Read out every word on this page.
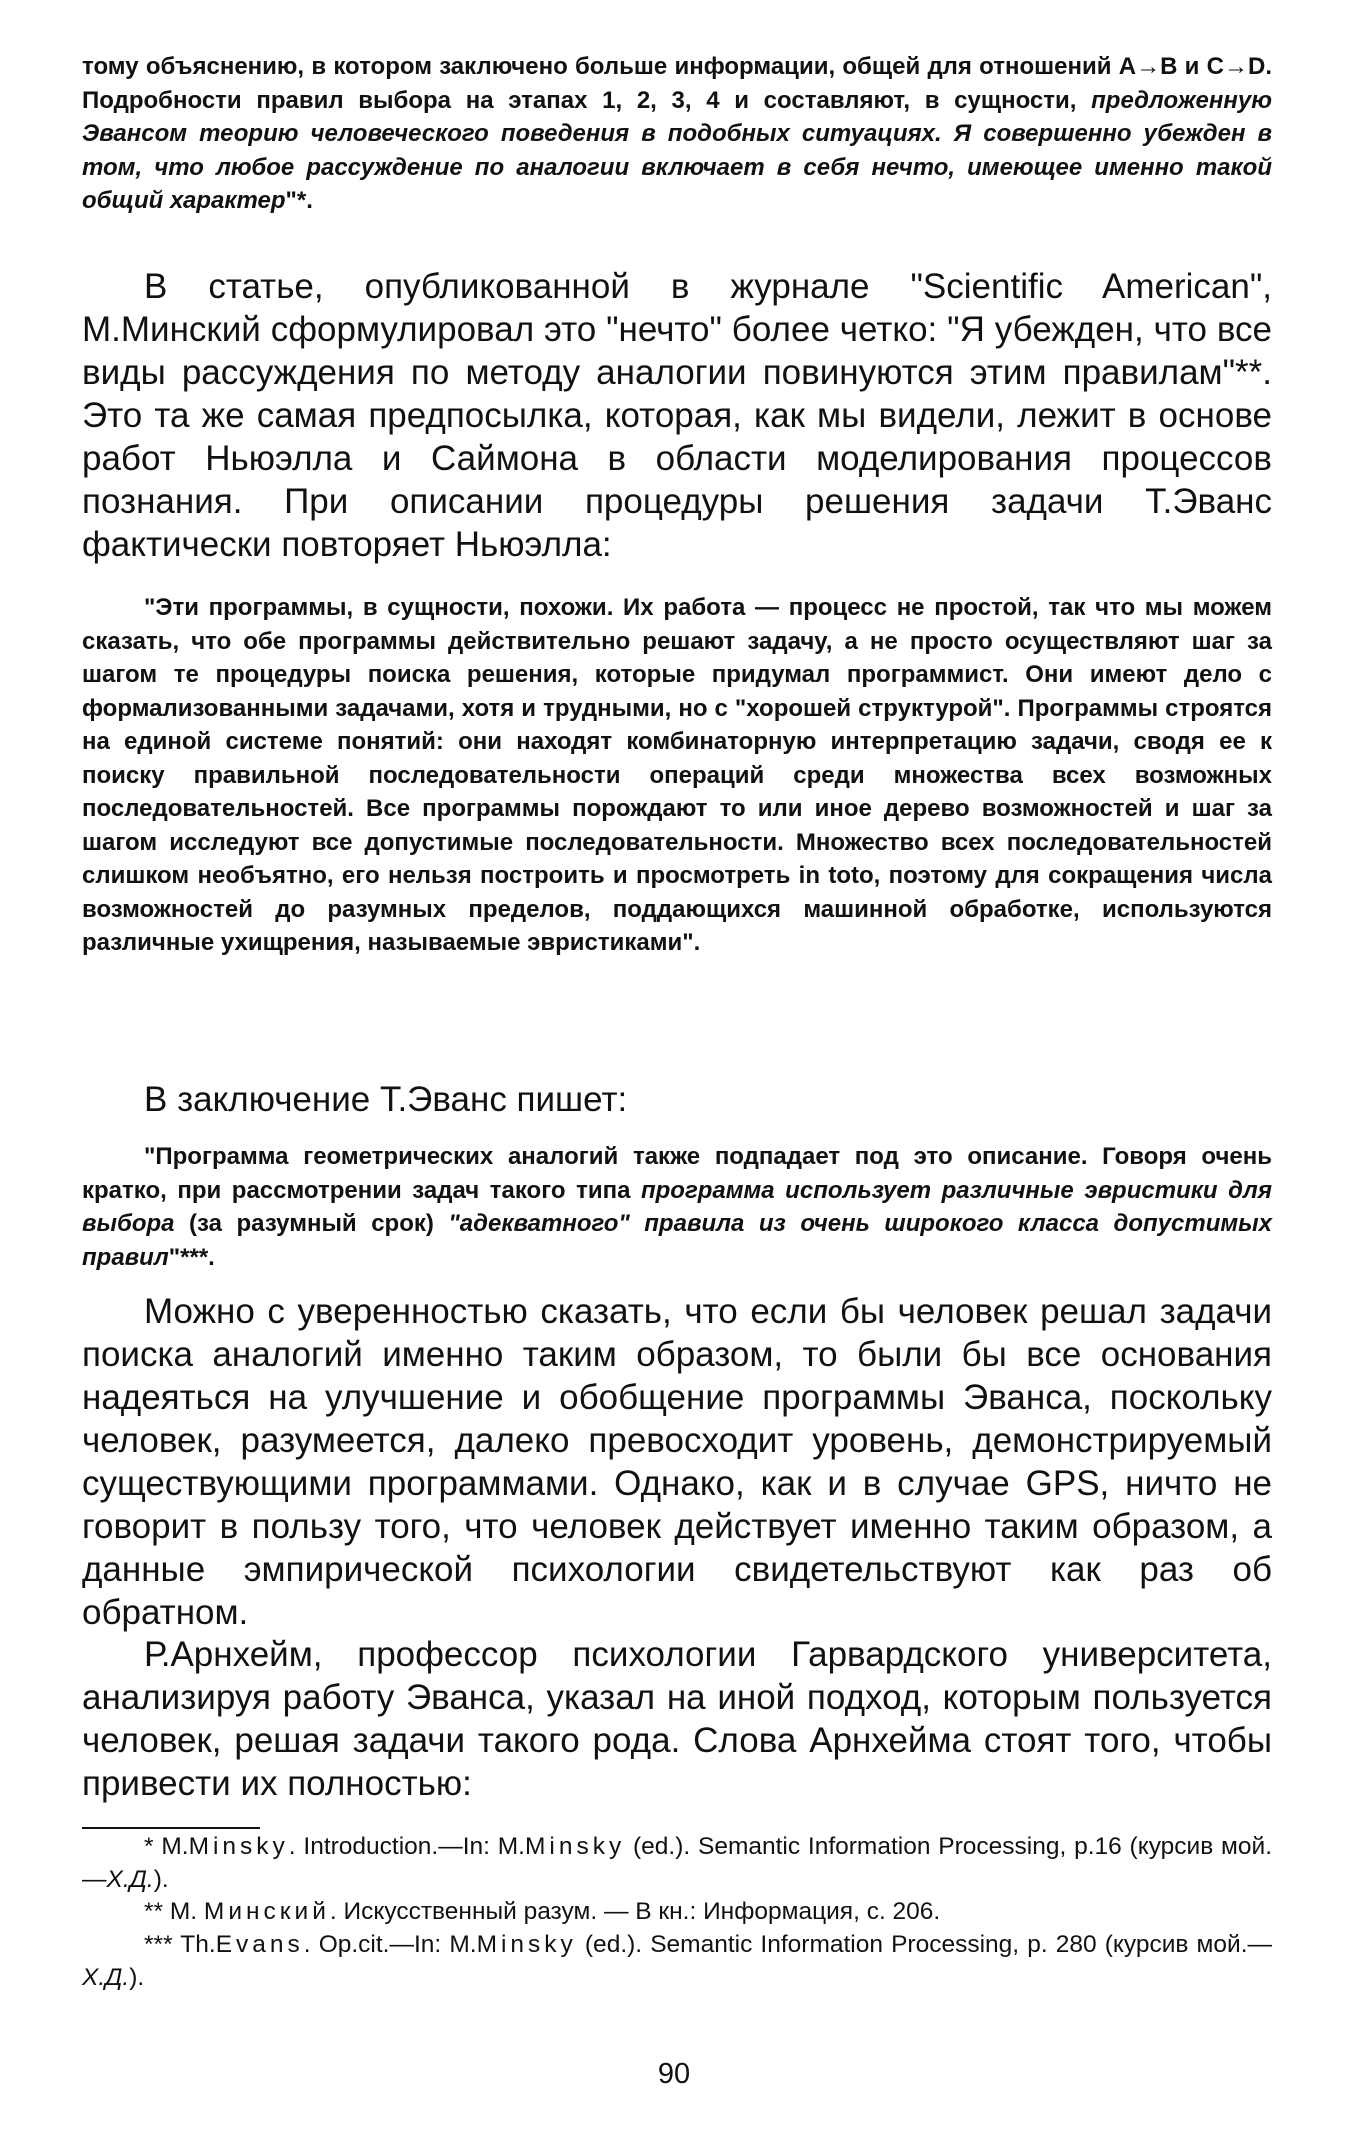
тому объяснению, в котором заключено больше информации, общей для отношений A→B и C→D. Подробности правил выбора на этапах 1, 2, 3, 4 и составляют, в сущности, предложенную Эвансом теорию человеческого поведения в подобных ситуациях. Я совершенно убежден в том, что любое рассуждение по аналогии включает в себя нечто, имеющее именно такой общий характер"*.

В статье, опубликованной в журнале "Scientific American", М.Минский сформулировал это "нечто" более четко: "Я убежден, что все виды рассуждения по методу аналогии повинуются этим правилам"**. Это та же самая предпосылка, которая, как мы видели, лежит в основе работ Ньюэлла и Саймона в области моделирования процессов познания. При описании процедуры решения задачи Т.Эванс фактически повторяет Ньюэлла:

"Эти программы, в сущности, похожи. Их работа — процесс не простой, так что мы можем сказать, что обе программы действительно решают задачу, а не просто осуществляют шаг за шагом те процедуры поиска решения, которые придумал программист. Они имеют дело с формализованными задачами, хотя и трудными, но с "хорошей структурой". Программы строятся на единой системе понятий: они находят комбинаторную интерпретацию задачи, сводя ее к поиску правильной последовательности операций среди множества всех возможных последовательностей. Все программы порождают то или иное дерево возможностей и шаг за шагом исследуют все допустимые последовательности. Множество всех последовательностей слишком необъятно, его нельзя построить и просмотреть in toto, поэтому для сокращения числа возможностей до разумных пределов, поддающихся машинной обработке, используются различные ухищрения, называемые эвристиками".

В заключение Т.Эванс пишет:

"Программа геометрических аналогий также подпадает под это описание. Говоря очень кратко, при рассмотрении задач такого типа программа использует различные эвристики для выбора (за разумный срок) "адекватного" правила из очень широкого класса допустимых правил"***.

Можно с уверенностью сказать, что если бы человек решал задачи поиска аналогий именно таким образом, то были бы все основания надеяться на улучшение и обобщение программы Эванса, поскольку человек, разумеется, далеко превосходит уровень, демонстрируемый существующими программами. Однако, как и в случае GPS, ничто не говорит в пользу того, что человек действует именно таким образом, а данные эмпирической психологии свидетельствуют как раз об обратном.

Р.Арнхейм, профессор психологии Гарвардского университета, анализируя работу Эванса, указал на иной подход, которым пользуется человек, решая задачи такого рода. Слова Арнхейма стоят того, чтобы привести их полностью:

* M.Minsky. Introduction.—In: M.Minsky (ed.). Semantic Information Processing, p.16 (курсив мой.—Х.Д.).

** М. Минский. Искусственный разум. — В кн.: Информация, с. 206.

*** Th.Evans. Op.cit.—In: M.Minsky (ed.). Semantic Information Processing, p. 280 (курсив мой.— Х.Д.).

90
